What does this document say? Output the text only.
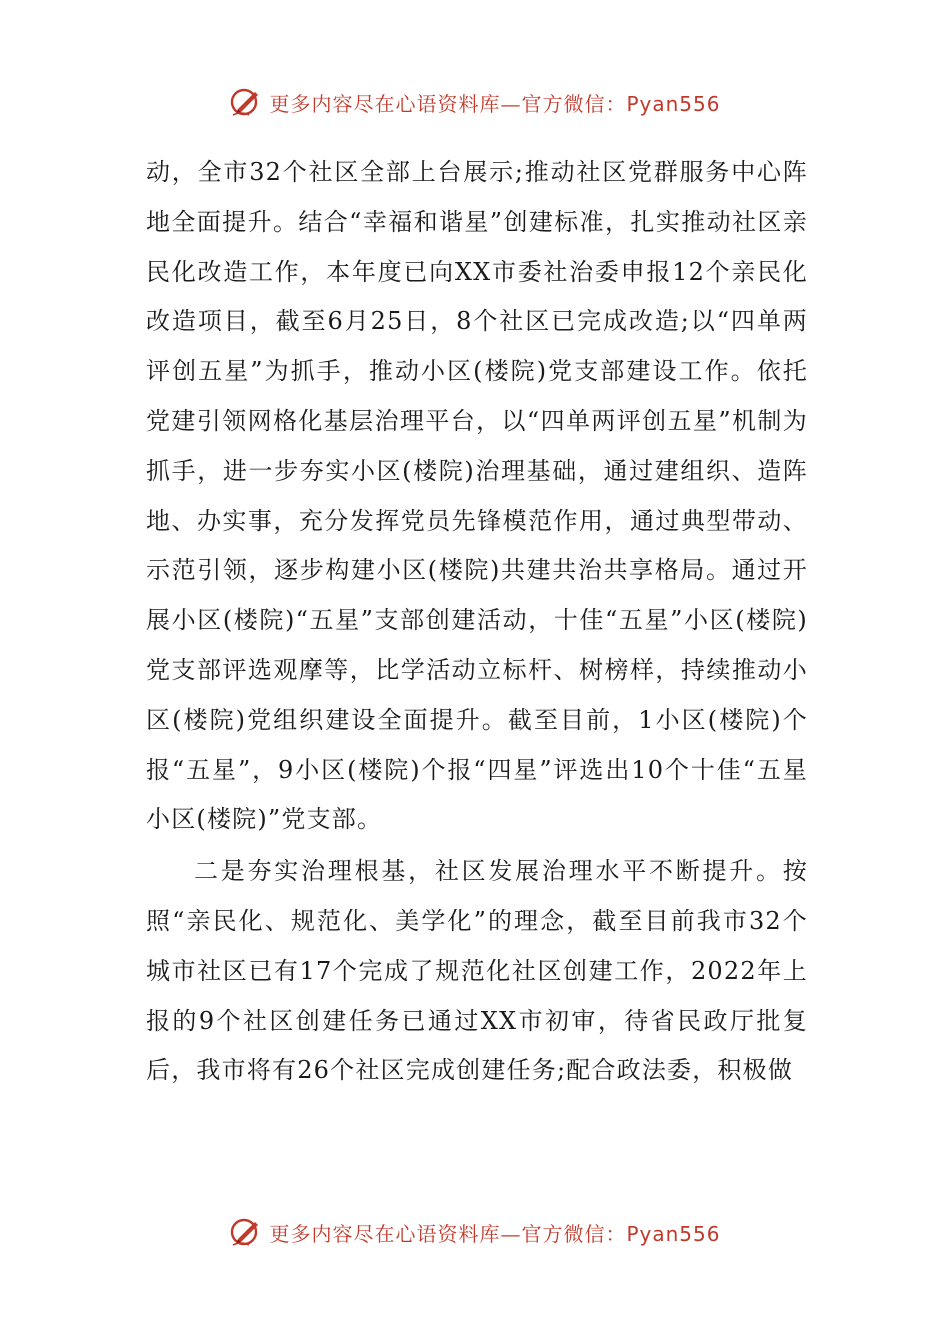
更多内容尽在心语资料库—官方微信：Pyan556

动，全市32个社区全部上台展示;推动社区党群服务中心阵地全面提升。结合“幸福和谐星”创建标准，扎实推动社区亲民化改造工作，本年度已向XX市委社治委申报12个亲民化改造项目，截至6月25日，8个社区已完成改造;以“四单两评创五星”为抓手，推动小区(楼院)党支部建设工作。依托党建引领网格化基层治理平台，以“四单两评创五星”机制为抓手，进一步夯实小区(楼院)治理基础，通过建组织、造阵地、办实事，充分发挥党员先锋模范作用，通过典型带动、示范引领，逐步构建小区(楼院)共建共治共享格局。通过开展小区(楼院)“五星”支部创建活动，十佳“五星”小区(楼院)党支部评选观摩等，比学活动立标杆、树榜样，持续推动小区(楼院)党组织建设全面提升。截至目前，1小区(楼院)个报“五星”，9小区(楼院)个报“四星”评选出10个十佳“五星小区(楼院)”党支部。

二是夯实治理根基，社区发展治理水平不断提升。按照“亲民化、规范化、美学化”的理念，截至目前我市32个城市社区已有17个完成了规范化社区创建工作，2022年上报的9个社区创建任务已通过XX市初审，待省民政厅批复后，我市将有26个社区完成创建任务;配合政法委，积极做

更多内容尽在心语资料库—官方微信：Pyan556
